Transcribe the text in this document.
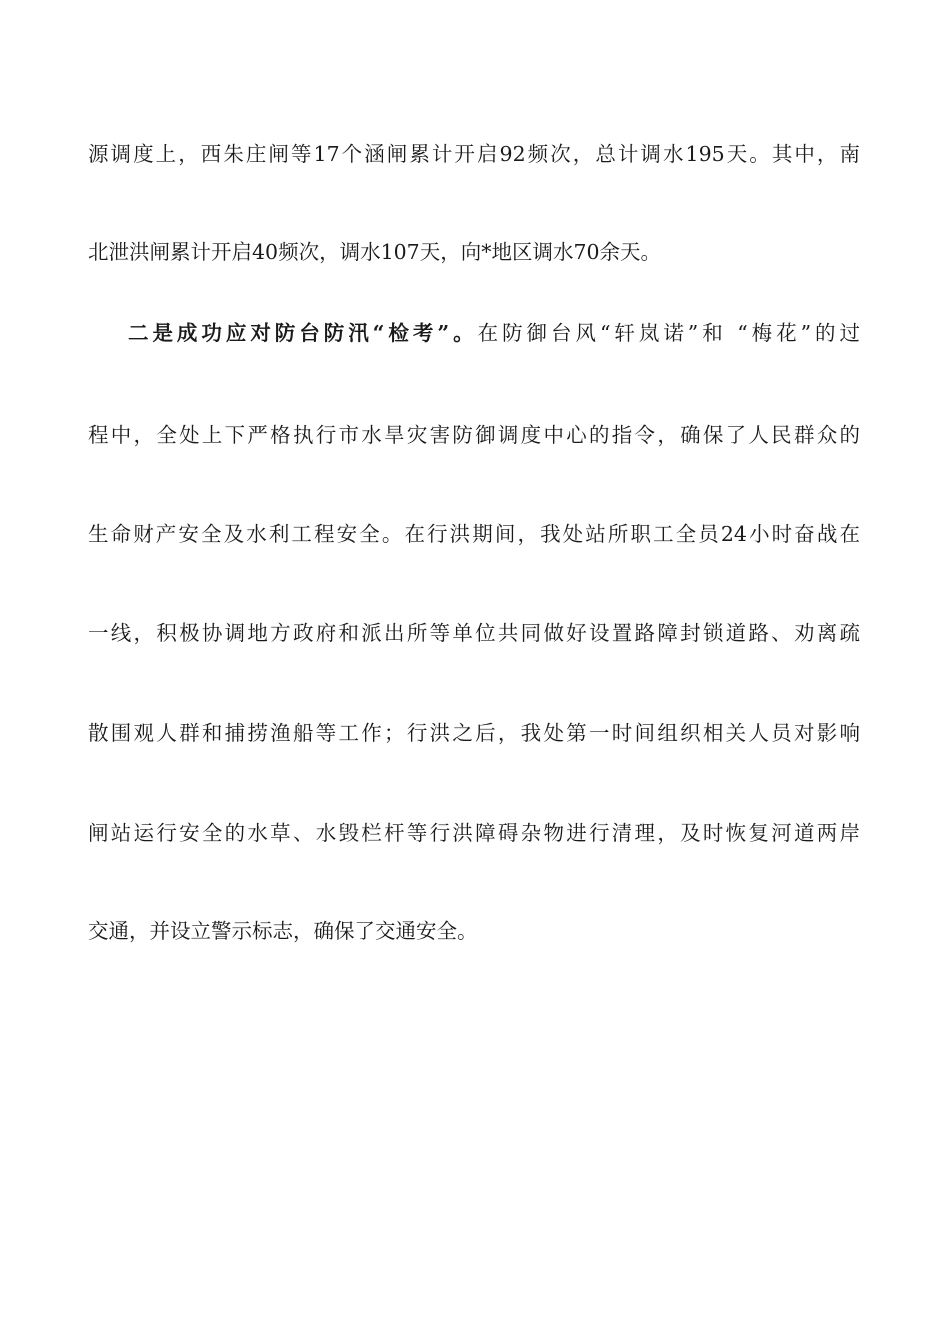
源调度上，西朱庄闸等17个涵闸累计开启92频次，总计调水195天。其中，南
北泄洪闸累计开启40频次，调水107天，向*地区调水70余天。
二是成功应对防台防汛“检考”。在防御台风“轩岚诺”和 “梅花”的过
程中，全处上下严格执行市水旱灾害防御调度中心的指令，确保了人民群众的
生命财产安全及水利工程安全。在行洪期间，我处站所职工全员24小时奋战在
一线，积极协调地方政府和派出所等单位共同做好设置路障封锁道路、劝离疏
散围观人群和捕捞渔船等工作；行洪之后，我处第一时间组织相关人员对影响
闸站运行安全的水草、水毁栏杆等行洪障碍杂物进行清理，及时恢复河道两岸
交通，并设立警示标志，确保了交通安全。
